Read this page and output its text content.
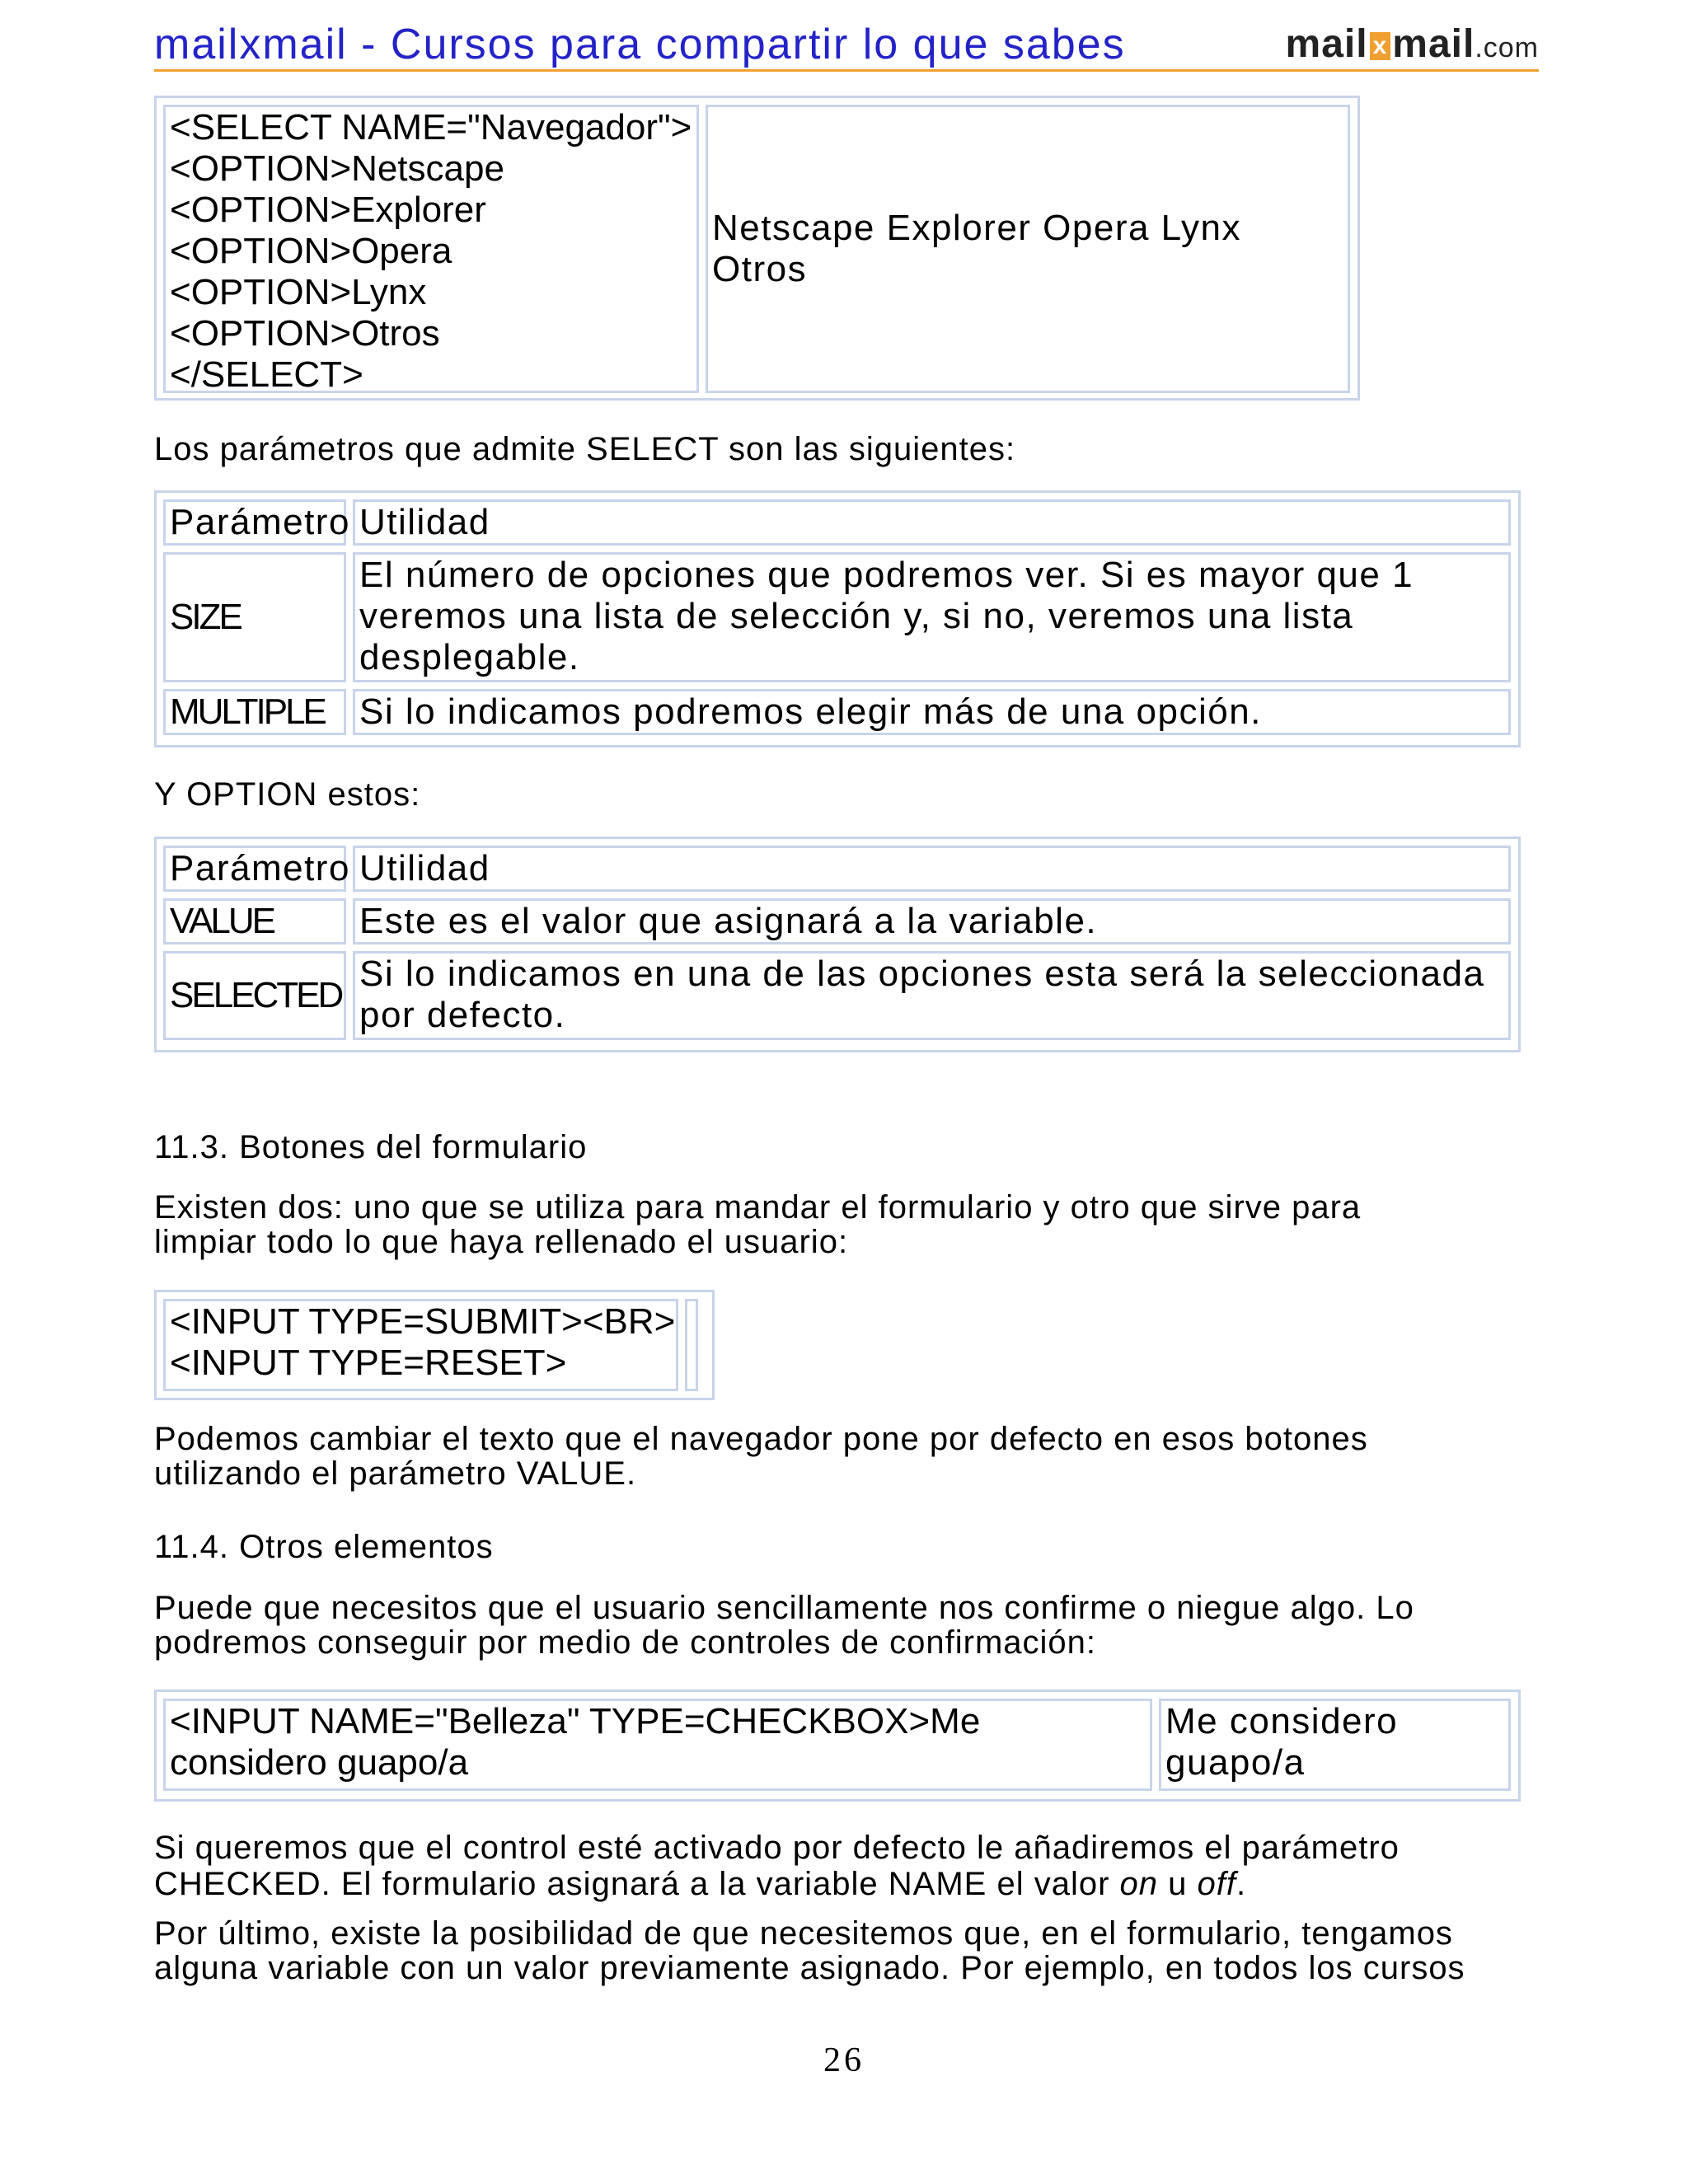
mailxmail - Cursos para compartir lo que sabes	mail x mail.com
<SELECT NAME="Navegador">
<OPTION>Netscape
<OPTION>Explorer
<OPTION>Opera
<OPTION>Lynx
<OPTION>Otros
</SELECT>
Netscape Explorer Opera Lynx Otros
Los parámetros que admite SELECT son las siguientes:
Parámetro Utilidad
SIZE
El número de opciones que podremos ver. Si es mayor que 1
veremos una lista de selección y, si no, veremos una lista
desplegable.
MULTIPLE Si lo indicamos podremos elegir más de una opción.
Y OPTION estos:
Parámetro Utilidad
VALUE	Este es el valor que asignará a la variable.
SELECTED
Si lo indicamos en una de las opciones esta será la seleccionada
por defecto.
11.3. Botones del formulario
Existen dos: uno que se utiliza para mandar el formulario y otro que sirve para
limpiar todo lo que haya rellenado el usuario:
<INPUT TYPE=SUBMIT><BR>
<INPUT TYPE=RESET>
Podemos cambiar el texto que el navegador pone por defecto en esos botones
utilizando el parámetro VALUE.
11.4. Otros elementos
Puede que necesitos que el usuario sencillamente nos confirme o niegue algo. Lo
podremos conseguir por medio de controles de confirmación:
<INPUT NAME="Belleza" TYPE=CHECKBOX>Me
considero guapo/a
Me considero
guapo/a
Si queremos que el control esté activado por defecto le añadiremos el parámetro
CHECKED. El formulario asignará a la variable NAME el valor on u off.
Por último, existe la posibilidad de que necesitemos que, en el formulario, tengamos
alguna variable con un valor previamente asignado. Por ejemplo, en todos los cursos
26
